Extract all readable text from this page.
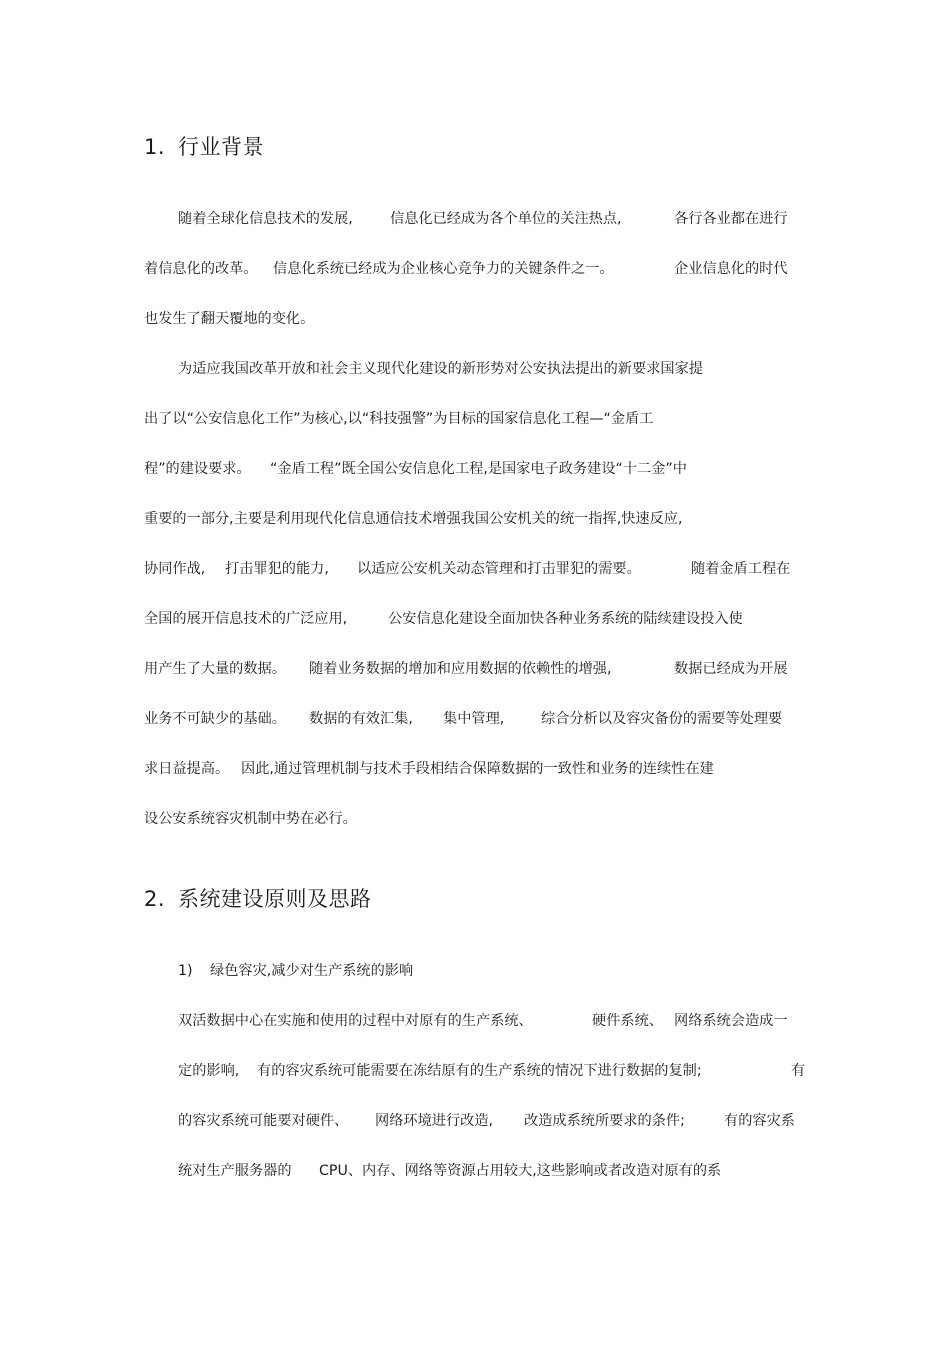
1. 行业背景
随着全球化信息技术的发展,	信息化已经成为各个单位的关注热点,	各行各业都在进行
着信息化的改革。 信息化系统已经成为企业核心竞争力的关键条件之一。	企业信息化的时代
也发生了翻天覆地的变化。
为适应我国改革开放和社会主义现代化建设的新形势对公安执法提出的新要求国家提
出了以“公安信息化工作”为核心,以“科技强警”为目标的国家信息化工程—“金盾工
程”的建设要求。 “金盾工程”既全国公安信息化工程,是国家电子政务建设“十二金”中
重要的一部分,主要是利用现代化信息通信技术增强我国公安机关的统一指挥,快速反应,
协同作战, 打击罪犯的能力, 以适应公安机关动态管理和打击罪犯的需要。	随着金盾工程在
全国的展开信息技术的广泛应用,	公安信息化建设全面加快各种业务系统的陆续建设投入使
用产生了大量的数据。 随着业务数据的增加和应用数据的依赖性的增强,	数据已经成为开展
业务不可缺少的基础。 数据的有效汇集, 集中管理,	综合分析以及容灾备份的需要等处理要
求日益提高。 因此,通过管理机制与技术手段相结合保障数据的一致性和业务的连续性在建
设公安系统容灾机制中势在必行。
2. 系统建设原则及思路
1) 绿色容灾,减少对生产系统的影响
双活数据中心在实施和使用的过程中对原有的生产系统、	硬件系统、 网络系统会造成一
定的影响, 有的容灾系统可能需要在冻结原有的生产系统的情况下进行数据的复制;	有
的容灾系统可能要对硬件、 网络环境进行改造, 改造成系统所要求的条件;	有的容灾系
统对生产服务器的 CPU、内存、网络等资源占用较大,这些影响或者改造对原有的系
